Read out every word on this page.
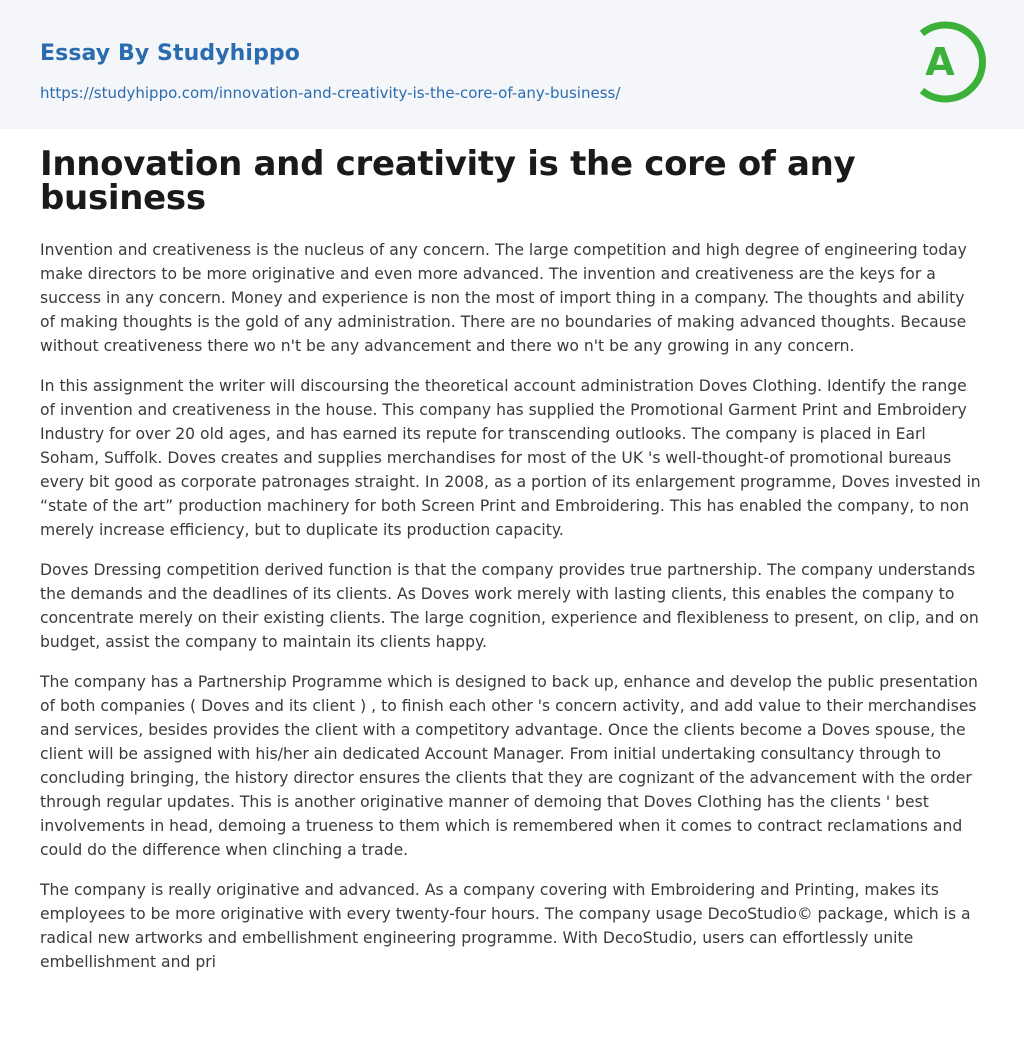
Essay By Studyhippo
https://studyhippo.com/innovation-and-creativity-is-the-core-of-any-business/
A
Innovation and creativity is the core of any business

Invention and creativeness is the nucleus of any concern. The large competition and high degree of engineering today make directors to be more originative and even more advanced. The invention and creativeness are the keys for a success in any concern. Money and experience is non the most of import thing in a company. The thoughts and ability of making thoughts is the gold of any administration. There are no boundaries of making advanced thoughts. Because without creativeness there wo n't be any advancement and there wo n't be any growing in any concern.

In this assignment the writer will discoursing the theoretical account administration Doves Clothing. Identify the range of invention and creativeness in the house. This company has supplied the Promotional Garment Print and Embroidery Industry for over 20 old ages, and has earned its repute for transcending outlooks. The company is placed in Earl Soham, Suffolk. Doves creates and supplies merchandises for most of the UK 's well-thought-of promotional bureaus every bit good as corporate patronages straight. In 2008, as a portion of its enlargement programme, Doves invested in “state of the art” production machinery for both Screen Print and Embroidering. This has enabled the company, to non merely increase efficiency, but to duplicate its production capacity.

Doves Dressing competition derived function is that the company provides true partnership. The company understands the demands and the deadlines of its clients. As Doves work merely with lasting clients, this enables the company to concentrate merely on their existing clients. The large cognition, experience and flexibleness to present, on clip, and on budget, assist the company to maintain its clients happy.

The company has a Partnership Programme which is designed to back up, enhance and develop the public presentation of both companies ( Doves and its client ) , to finish each other 's concern activity, and add value to their merchandises and services, besides provides the client with a competitory advantage. Once the clients become a Doves spouse, the client will be assigned with his/her ain dedicated Account Manager. From initial undertaking consultancy through to concluding bringing, the history director ensures the clients that they are cognizant of the advancement with the order through regular updates. This is another originative manner of demoing that Doves Clothing has the clients ' best involvements in head, demoing a trueness to them which is remembered when it comes to contract reclamations and could do the difference when clinching a trade.

The company is really originative and advanced. As a company covering with Embroidering and Printing, makes its employees to be more originative with every twenty-four hours. The company usage DecoStudio© package, which is a radical new artworks and embellishment engineering programme. With DecoStudio, users can effortlessly unite embellishment and pri
